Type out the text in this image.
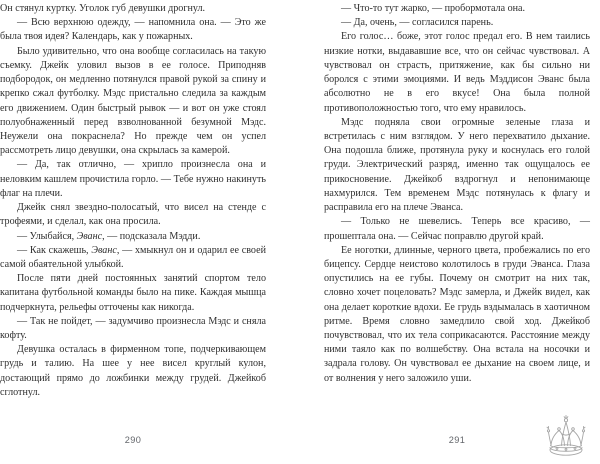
Он стянул куртку. Уголок губ девушки дрогнул.

— Всю верхнюю одежду, — напомнила она. — Это же была твоя идея? Календарь, как у пожарных.

Было удивительно, что она вообще согласилась на такую съемку. Джейк уловил вызов в ее голосе. Приподняв подбородок, он медленно потянулся правой рукой за спину и крепко сжал футболку. Мэдс пристально следила за каждым его движением. Один быстрый рывок — и вот он уже стоял полуобнаженный перед взволнованной безумной Мэдс. Неужели она покраснела? Но прежде чем он успел рассмотреть лицо девушки, она скрылась за камерой.

— Да, так отлично, — хрипло произнесла она и неловким кашлем прочистила горло. — Тебе нужно накинуть флаг на плечи.

Джейк снял звездно-полосатый, что висел на стенде с трофеями, и сделал, как она просила.

— Улыбайся, Эванс, — подсказала Мэдди.

— Как скажешь, Эванс, — хмыкнул он и одарил ее своей самой обаятельной улыбкой.

После пяти дней постоянных занятий спортом тело капитана футбольной команды было на пике. Каждая мышца подчеркнута, рельефы отточены как никогда.

— Так не пойдет, — задумчиво произнесла Мэдс и сняла кофту.

Девушка осталась в фирменном топе, подчеркивающем грудь и талию. На шее у нее висел круглый кулон, достающий прямо до ложбинки между грудей. Джейкоб сглотнул.

290

— Что-то тут жарко, — пробормотала она.

— Да, очень, — согласился парень.

Его голос… боже, этот голос предал его. В нем таились низкие нотки, выдававшие все, что он сейчас чувствовал. А чувствовал он страсть, притяжение, как бы сильно ни боролся с этими эмоциями. И ведь Мэддисон Эванс была абсолютно не в его вкусе! Она была полной противоположностью того, что ему нравилось.

Мэдс подняла свои огромные зеленые глаза и встретилась с ним взглядом. У него перехватило дыхание. Она подошла ближе, протянула руку и коснулась его голой груди. Электрический разряд, именно так ощущалось ее прикосновение. Джейкоб вздрогнул и непонимающе нахмурился. Тем временем Мэдс потянулась к флагу и расправила его на плече Эванса.

— Только не шевелись. Теперь все красиво, — прошептала она. — Сейчас поправлю другой край.

Ее ноготки, длинные, черного цвета, пробежались по его бицепсу. Сердце неистово колотилось в груди Эванса. Глаза опустились на ее губы. Почему он смотрит на них так, словно хочет поцеловать? Мэдс замерла, и Джейк видел, как она делает короткие вдохи. Ее грудь вздымалась в хаотичном ритме. Время словно замедлило свой ход. Джейкоб почувствовал, что их тела соприкасаются. Расстояние между ними таяло как по волшебству. Она встала на носочки и задрала голову. Он чувствовал ее дыхание на своем лице, и от волнения у него заложило уши.

291
